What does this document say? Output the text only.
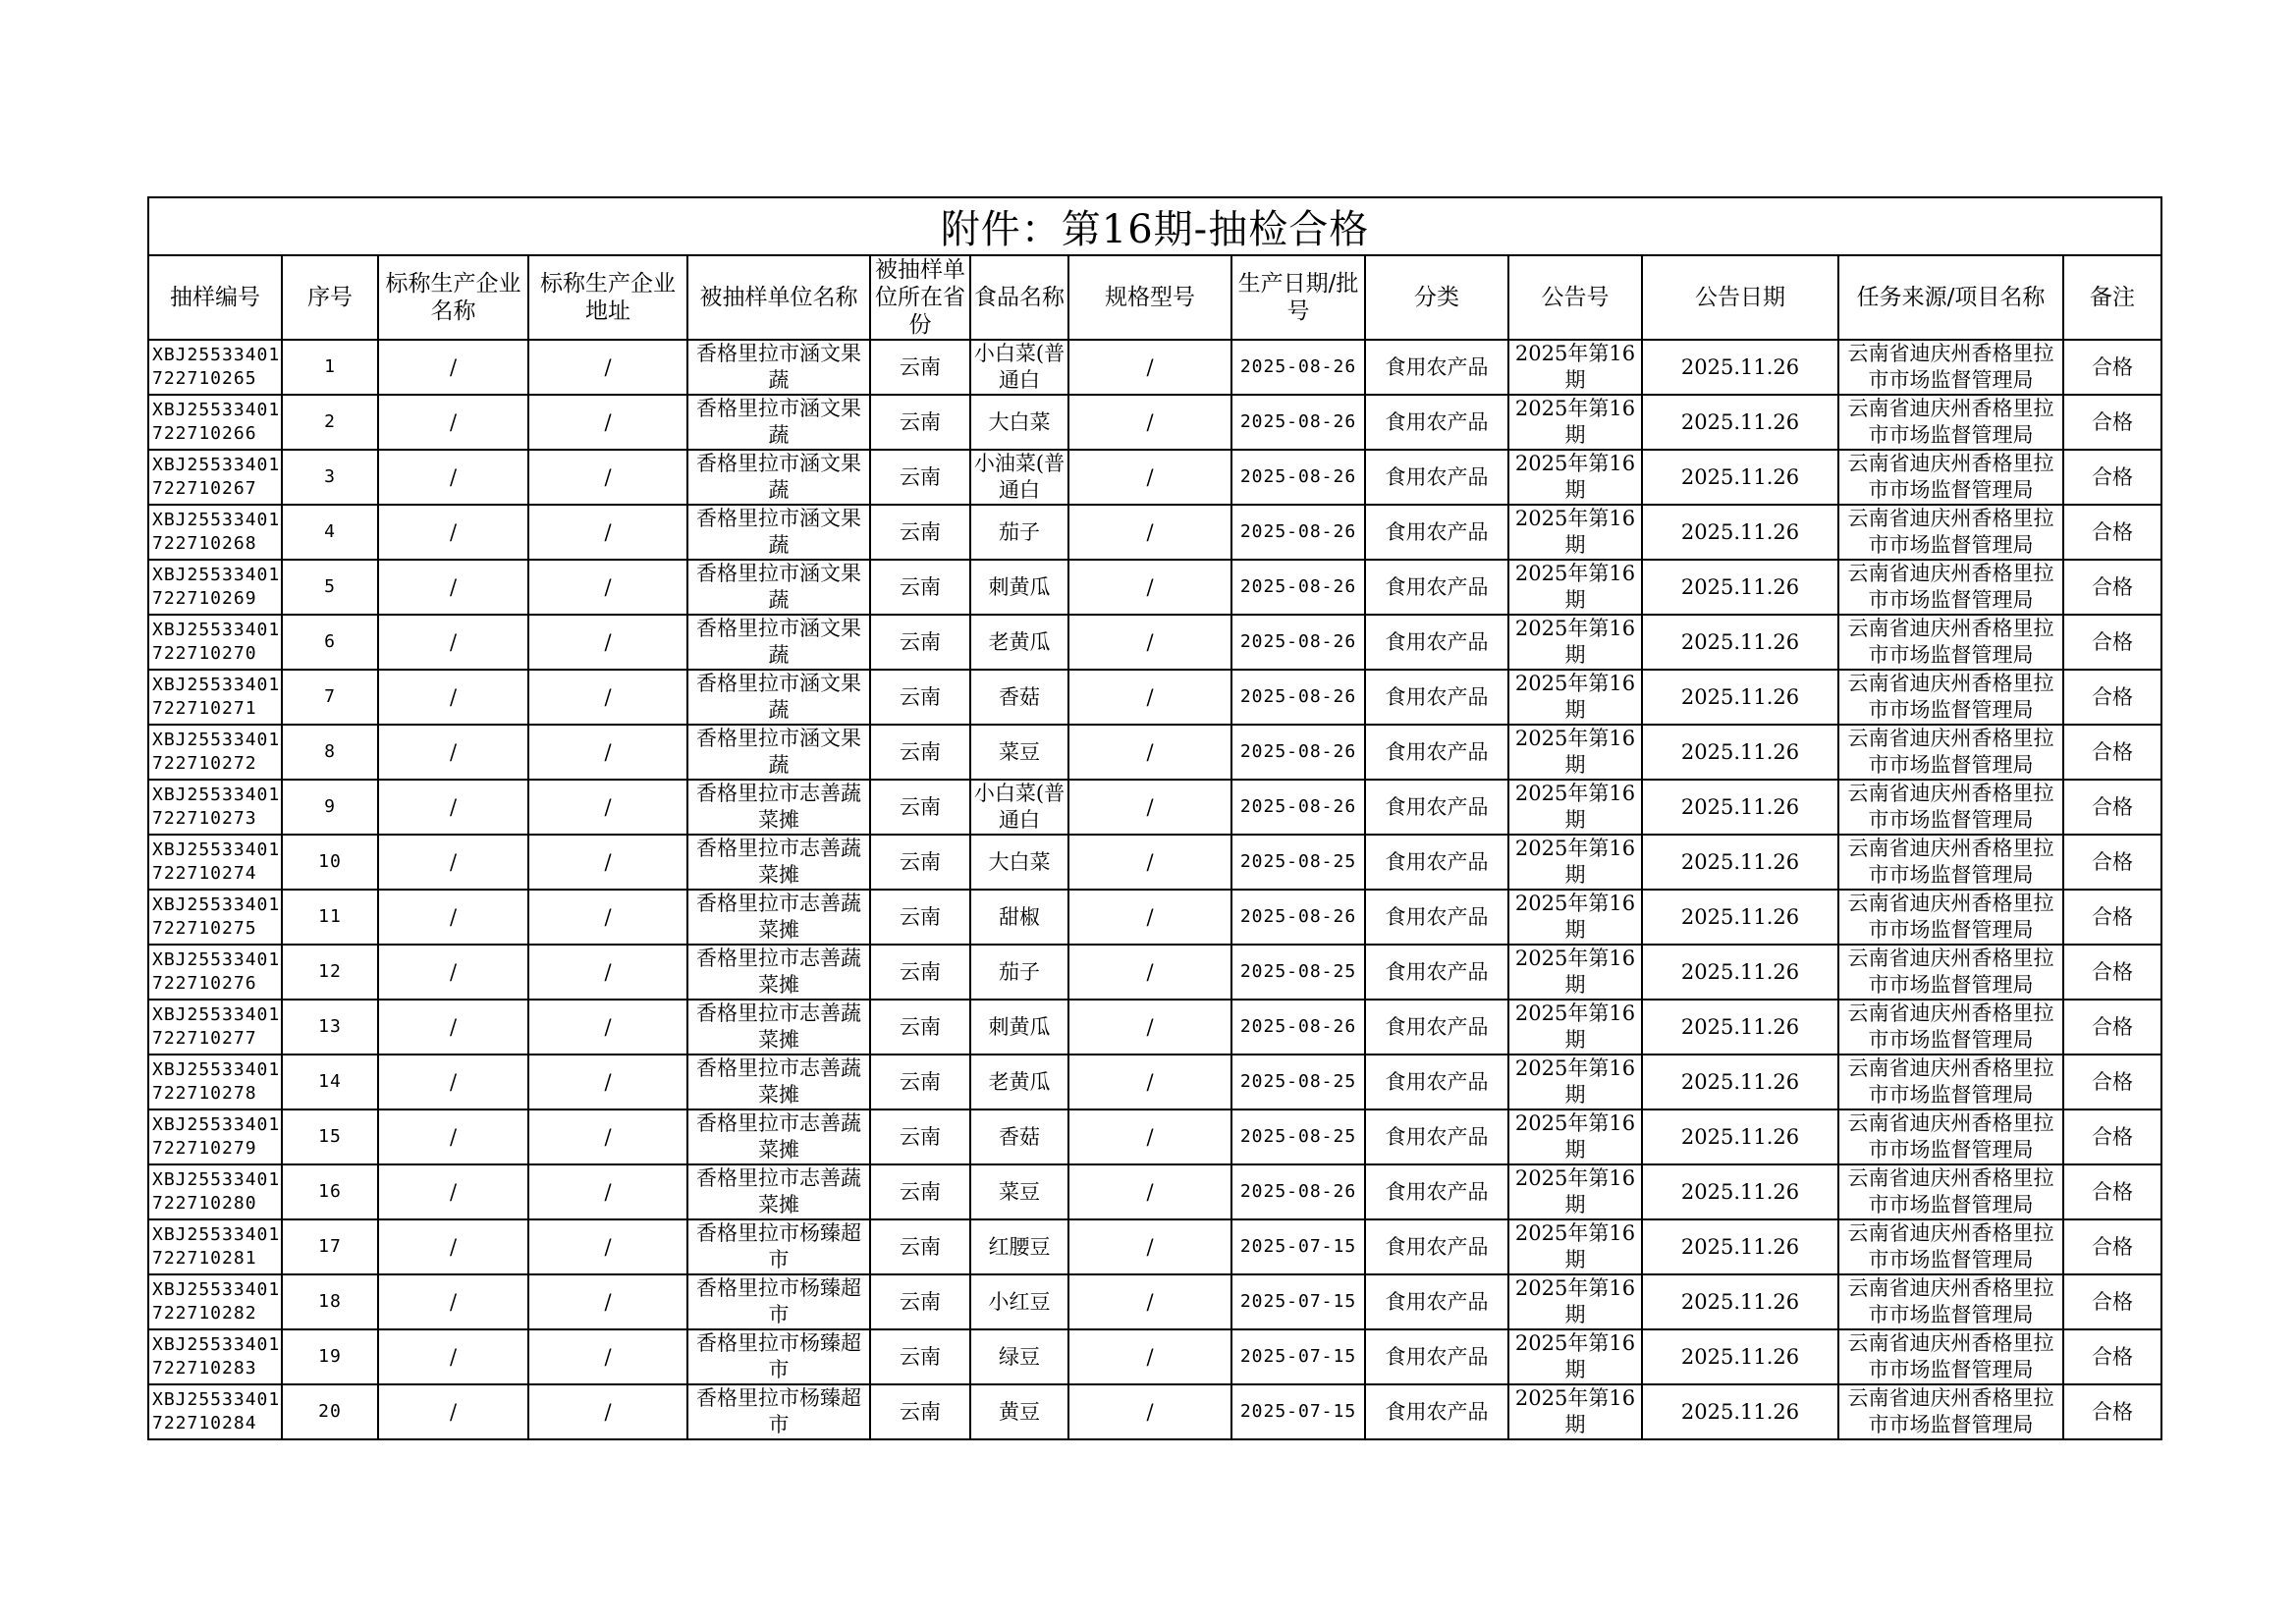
附件：第16期-抽检合格													
抽样编号	序号	标称生产企业名称	标称生产企业地址	被抽样单位名称	被抽样单位所在省份	食品名称	规格型号	生产日期/批号	分类	公告号	公告日期	任务来源/项目名称	备注

XBJ25533401722710265	1	/	/	香格里拉市涵文果蔬	云南	小白菜(普通白	/	2025-08-26	食用农产品	2025年第16期	2025.11.26	云南省迪庆州香格里拉市市场监督管理局	合格

XBJ25533401722710266	2	/	/	香格里拉市涵文果蔬	云南	大白菜	/	2025-08-26	食用农产品	2025年第16期	2025.11.26	云南省迪庆州香格里拉市市场监督管理局	合格

XBJ25533401722710267	3	/	/	香格里拉市涵文果蔬	云南	小油菜(普通白	/	2025-08-26	食用农产品	2025年第16期	2025.11.26	云南省迪庆州香格里拉市市场监督管理局	合格

XBJ25533401722710268	4	/	/	香格里拉市涵文果蔬	云南	茄子	/	2025-08-26	食用农产品	2025年第16期	2025.11.26	云南省迪庆州香格里拉市市场监督管理局	合格

XBJ25533401722710269	5	/	/	香格里拉市涵文果蔬	云南	刺黄瓜	/	2025-08-26	食用农产品	2025年第16期	2025.11.26	云南省迪庆州香格里拉市市场监督管理局	合格

XBJ25533401722710270	6	/	/	香格里拉市涵文果蔬	云南	老黄瓜	/	2025-08-26	食用农产品	2025年第16期	2025.11.26	云南省迪庆州香格里拉市市场监督管理局	合格

XBJ25533401722710271	7	/	/	香格里拉市涵文果蔬	云南	香菇	/	2025-08-26	食用农产品	2025年第16期	2025.11.26	云南省迪庆州香格里拉市市场监督管理局	合格

XBJ25533401722710272	8	/	/	香格里拉市涵文果蔬	云南	菜豆	/	2025-08-26	食用农产品	2025年第16期	2025.11.26	云南省迪庆州香格里拉市市场监督管理局	合格

XBJ25533401722710273	9	/	/	香格里拉市志善蔬菜摊	云南	小白菜(普通白	/	2025-08-26	食用农产品	2025年第16期	2025.11.26	云南省迪庆州香格里拉市市场监督管理局	合格

XBJ25533401722710274	10	/	/	香格里拉市志善蔬菜摊	云南	大白菜	/	2025-08-25	食用农产品	2025年第16期	2025.11.26	云南省迪庆州香格里拉市市场监督管理局	合格

XBJ25533401722710275	11	/	/	香格里拉市志善蔬菜摊	云南	甜椒	/	2025-08-26	食用农产品	2025年第16期	2025.11.26	云南省迪庆州香格里拉市市场监督管理局	合格

XBJ25533401722710276	12	/	/	香格里拉市志善蔬菜摊	云南	茄子	/	2025-08-25	食用农产品	2025年第16期	2025.11.26	云南省迪庆州香格里拉市市场监督管理局	合格

XBJ25533401722710277	13	/	/	香格里拉市志善蔬菜摊	云南	刺黄瓜	/	2025-08-26	食用农产品	2025年第16期	2025.11.26	云南省迪庆州香格里拉市市场监督管理局	合格

XBJ25533401722710278	14	/	/	香格里拉市志善蔬菜摊	云南	老黄瓜	/	2025-08-25	食用农产品	2025年第16期	2025.11.26	云南省迪庆州香格里拉市市场监督管理局	合格

XBJ25533401722710279	15	/	/	香格里拉市志善蔬菜摊	云南	香菇	/	2025-08-25	食用农产品	2025年第16期	2025.11.26	云南省迪庆州香格里拉市市场监督管理局	合格

XBJ25533401722710280	16	/	/	香格里拉市志善蔬菜摊	云南	菜豆	/	2025-08-26	食用农产品	2025年第16期	2025.11.26	云南省迪庆州香格里拉市市场监督管理局	合格

XBJ25533401722710281	17	/	/	香格里拉市杨臻超市	云南	红腰豆	/	2025-07-15	食用农产品	2025年第16期	2025.11.26	云南省迪庆州香格里拉市市场监督管理局	合格

XBJ25533401722710282	18	/	/	香格里拉市杨臻超市	云南	小红豆	/	2025-07-15	食用农产品	2025年第16期	2025.11.26	云南省迪庆州香格里拉市市场监督管理局	合格

XBJ25533401722710283	19	/	/	香格里拉市杨臻超市	云南	绿豆	/	2025-07-15	食用农产品	2025年第16期	2025.11.26	云南省迪庆州香格里拉市市场监督管理局	合格

XBJ25533401722710284	20	/	/	香格里拉市杨臻超市	云南	黄豆	/	2025-07-15	食用农产品	2025年第16期	2025.11.26	云南省迪庆州香格里拉市市场监督管理局	合格
